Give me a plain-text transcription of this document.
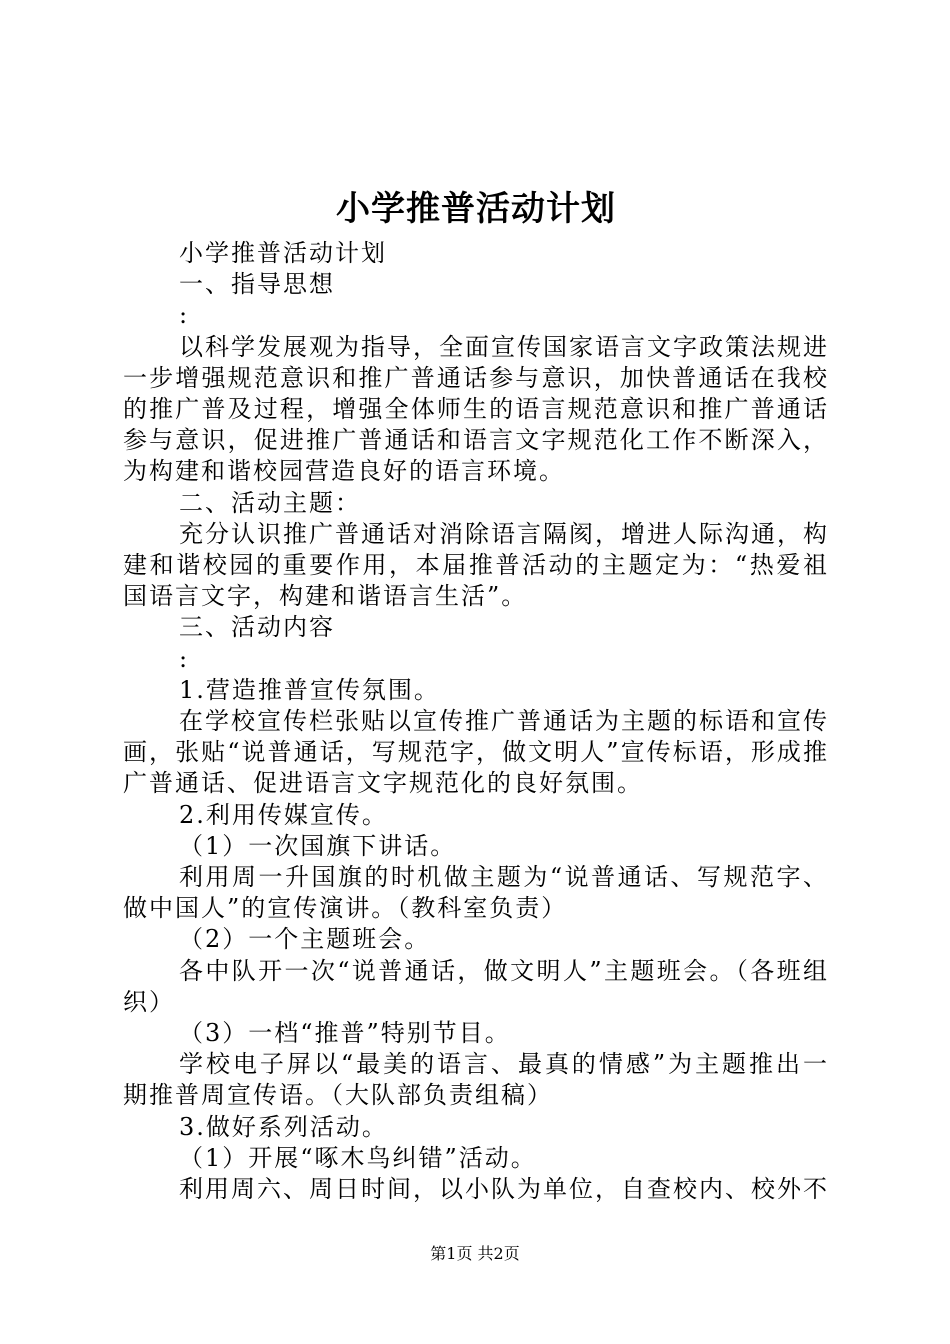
小学推普活动计划

小学推普活动计划

一、指导思想

:

以科学发展观为指导，全面宣传国家语言文字政策法规进一步增强规范意识和推广普通话参与意识，加快普通话在我校的推广普及过程，增强全体师生的语言规范意识和推广普通话参与意识，促进推广普通话和语言文字规范化工作不断深入，为构建和谐校园营造良好的语言环境。

二、活动主题：

充分认识推广普通话对消除语言隔阂，增进人际沟通，构建和谐校园的重要作用，本届推普活动的主题定为：“热爱祖国语言文字，构建和谐语言生活”。

三、活动内容

:

1.营造推普宣传氛围。

在学校宣传栏张贴以宣传推广普通话为主题的标语和宣传画，张贴“说普通话，写规范字，做文明人”宣传标语，形成推广普通话、促进语言文字规范化的良好氛围。

2.利用传媒宣传。

（1）一次国旗下讲话。

利用周一升国旗的时机做主题为“说普通话、写规范字、做中国人”的宣传演讲。（教科室负责）

（2）一个主题班会。

各中队开一次“说普通话，做文明人”主题班会。（各班组织）

（3）一档“推普”特别节目。

学校电子屏以“最美的语言、最真的情感”为主题推出一期推普周宣传语。（大队部负责组稿）

3.做好系列活动。

（1）开展“啄木鸟纠错”活动。

利用周六、周日时间，以小队为单位，自查校内、校外不

第1页 共2页
